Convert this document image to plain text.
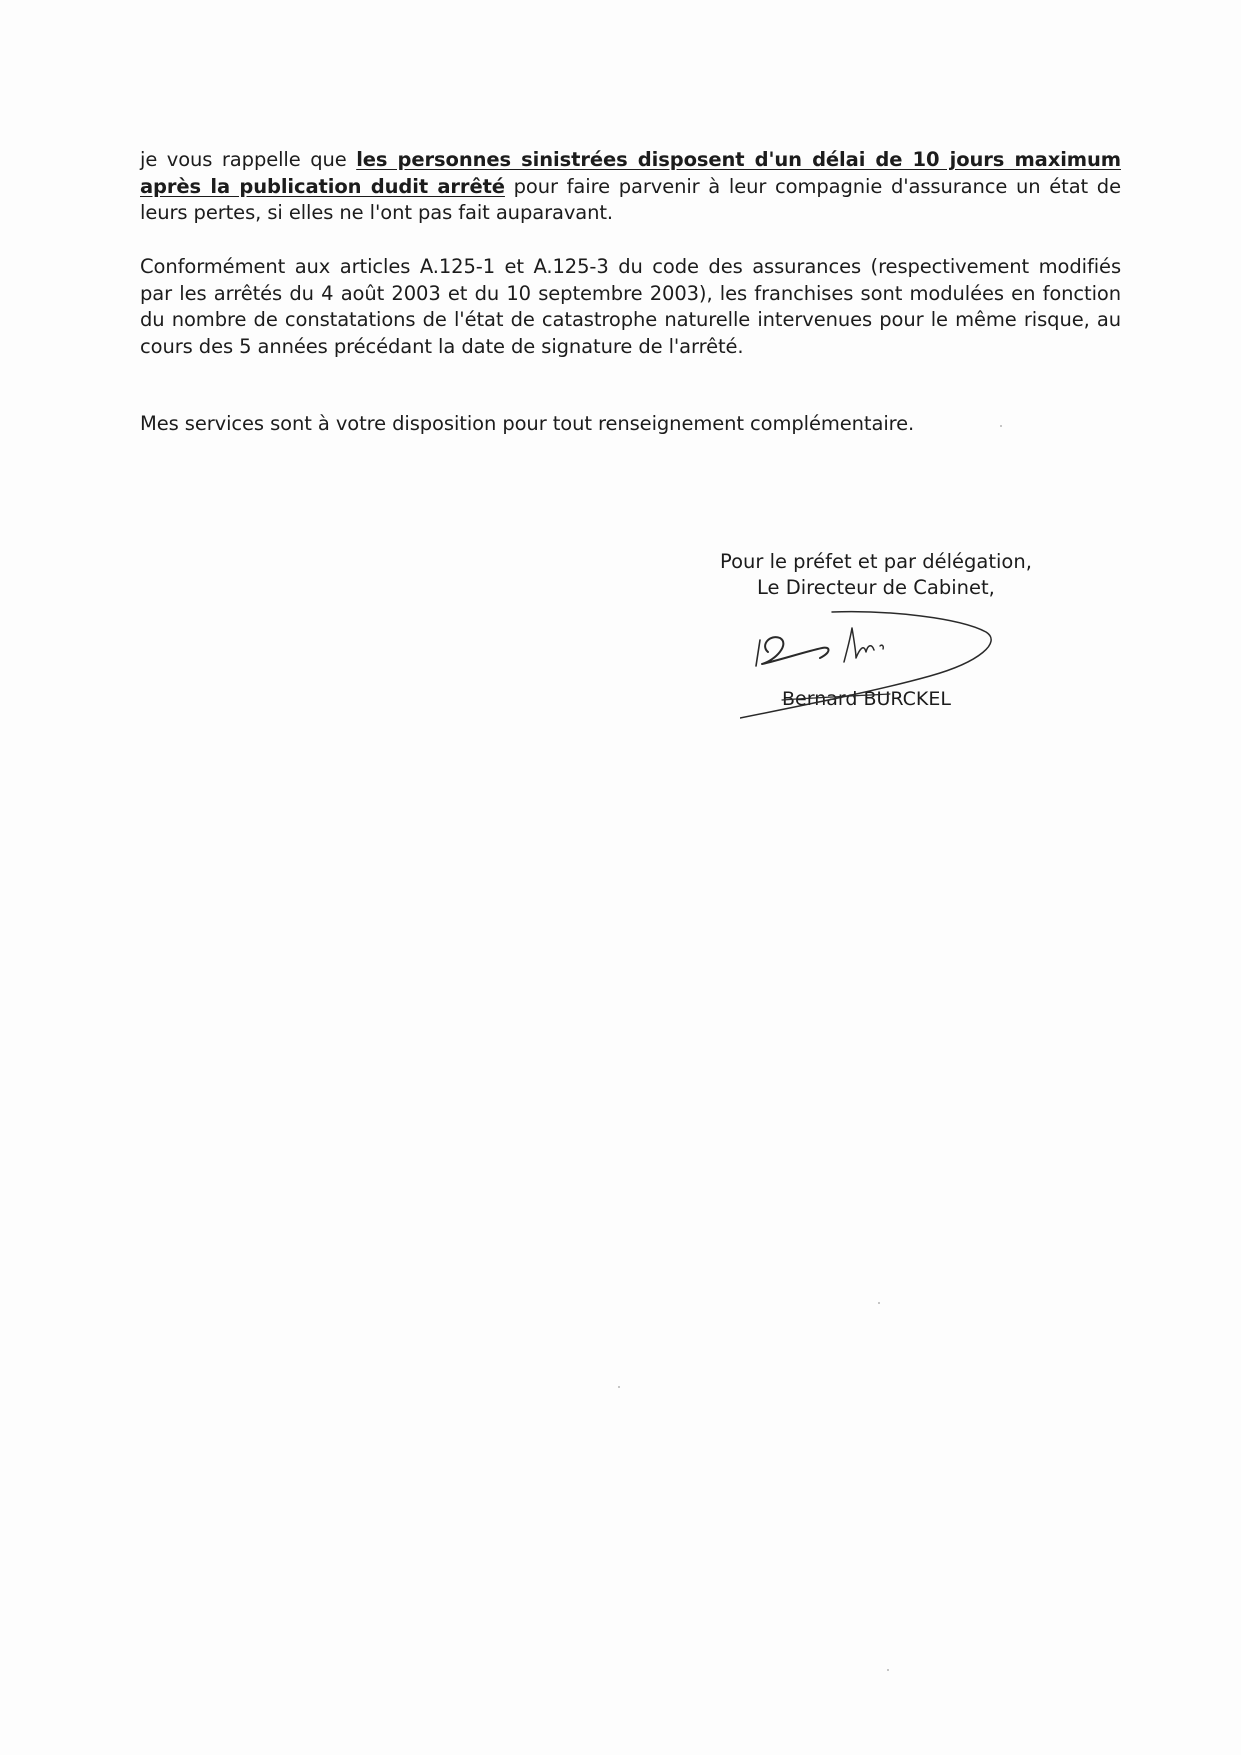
je vous rappelle que les personnes sinistrées disposent d'un délai de 10 jours maximum après la publication dudit arrêté pour faire parvenir à leur compagnie d'assurance un état de leurs pertes, si elles ne l'ont pas fait auparavant.

Conformément aux articles A.125-1 et A.125-3 du code des assurances (respectivement modifiés par les arrêtés du 4 août 2003 et du 10 septembre 2003), les franchises sont modulées en fonction du nombre de constatations de l'état de catastrophe naturelle intervenues pour le même risque, au cours des 5 années précédant la date de signature de l'arrêté.

Mes services sont à votre disposition pour tout renseignement complémentaire.

Pour le préfet et par délégation,
Le Directeur de Cabinet,
Bernard BURCKEL
